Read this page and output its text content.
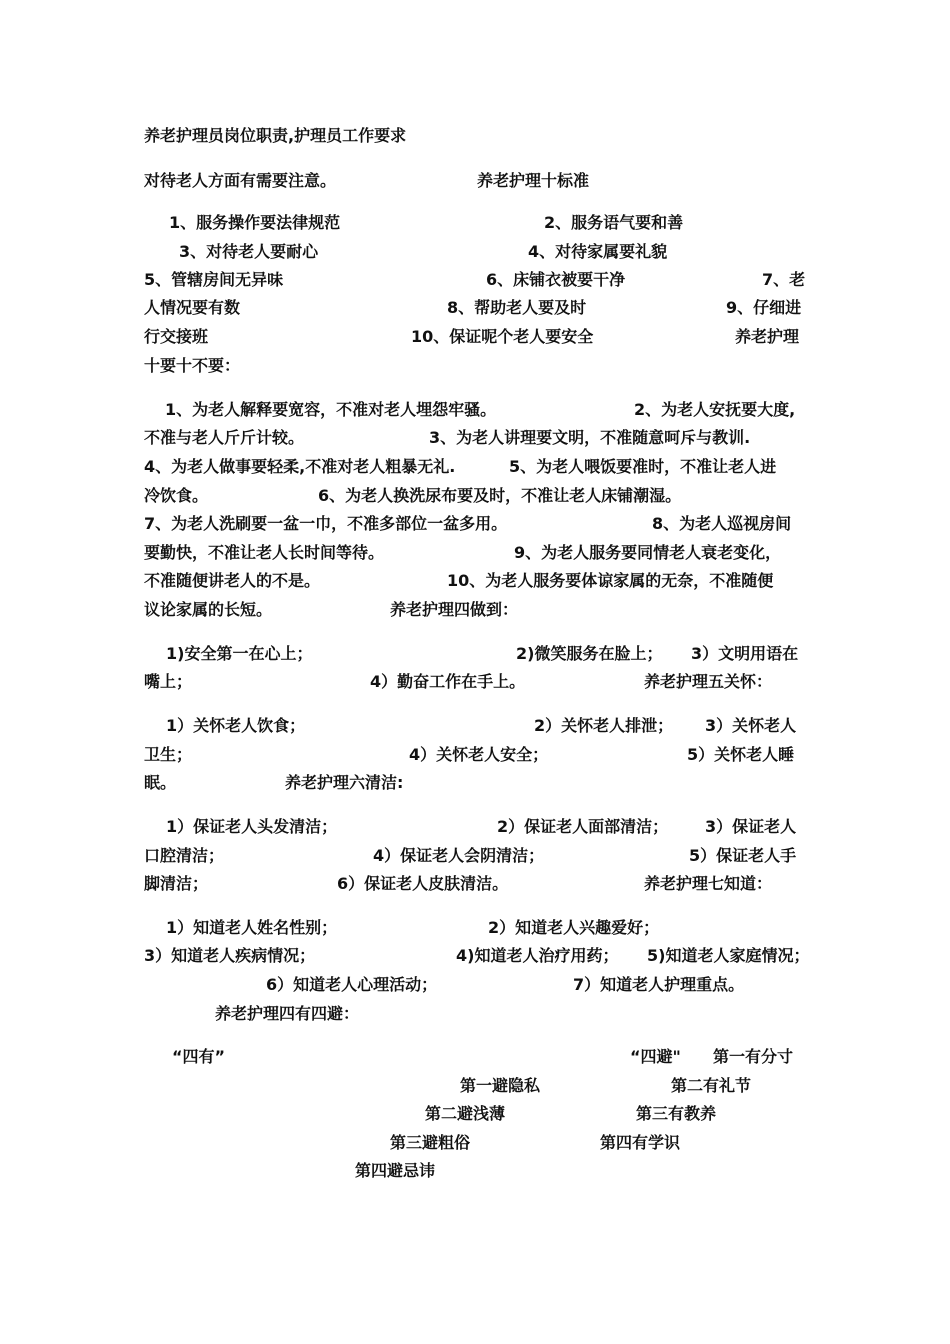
养老护理员岗位职责,护理员工作要求
对待老人方面有需要注意。	养老护理十标准
1、服务操作要法律规范	2、服务语气要和善
3、对待老人要耐心	4、对待家属要礼貌
5、管辖房间无异味	6、床铺衣被要干净	7、老
人情况要有数	8、帮助老人要及时	9、仔细进
行交接班	10、保证呢个老人要安全	养老护理
十要十不要：
1、为老人解释要宽容，不准对老人埋怨牢骚。	2、为老人安抚要大度,
不准与老人斤斤计较。	3、为老人讲理要文明，不准随意呵斥与教训.
4、为老人做事要轻柔,不准对老人粗暴无礼.	5、为老人喂饭要准时，不准让老人进
冷饮食。	6、为老人换洗尿布要及时，不准让老人床铺潮湿。
7、为老人洗刷要一盆一巾，不准多部位一盆多用。	8、为老人巡视房间
要勤快，不准让老人长时间等待。	9、为老人服务要同情老人衰老变化，
不准随便讲老人的不是。	10、为老人服务要体谅家属的无奈，不准随便
议论家属的长短。	养老护理四做到：
1)安全第一在心上；	2)微笑服务在脸上； 3）文明用语在
嘴上；	4）勤奋工作在手上。	养老护理五关怀：
1）关怀老人饮食；	2）关怀老人排泄； 3）关怀老人
卫生；	4）关怀老人安全；	5）关怀老人睡
眠。	养老护理六清洁:
1）保证老人头发清洁；	2）保证老人面部清洁； 3）保证老人
口腔清洁；	4）保证老人会阴清洁；	5）保证老人手
脚清洁；	6）保证老人皮肤清洁。	养老护理七知道：
1）知道老人姓名性别；	2）知道老人兴趣爱好；
3）知道老人疾病情况；	4)知道老人治疗用药； 5)知道老人家庭情况；
6）知道老人心理活动；	7）知道老人护理重点。
养老护理四有四避：
“四有”	“四避" 第一有分寸
第一避隐私	第二有礼节
第二避浅薄	第三有教养
第三避粗俗	第四有学识
第四避忌讳
